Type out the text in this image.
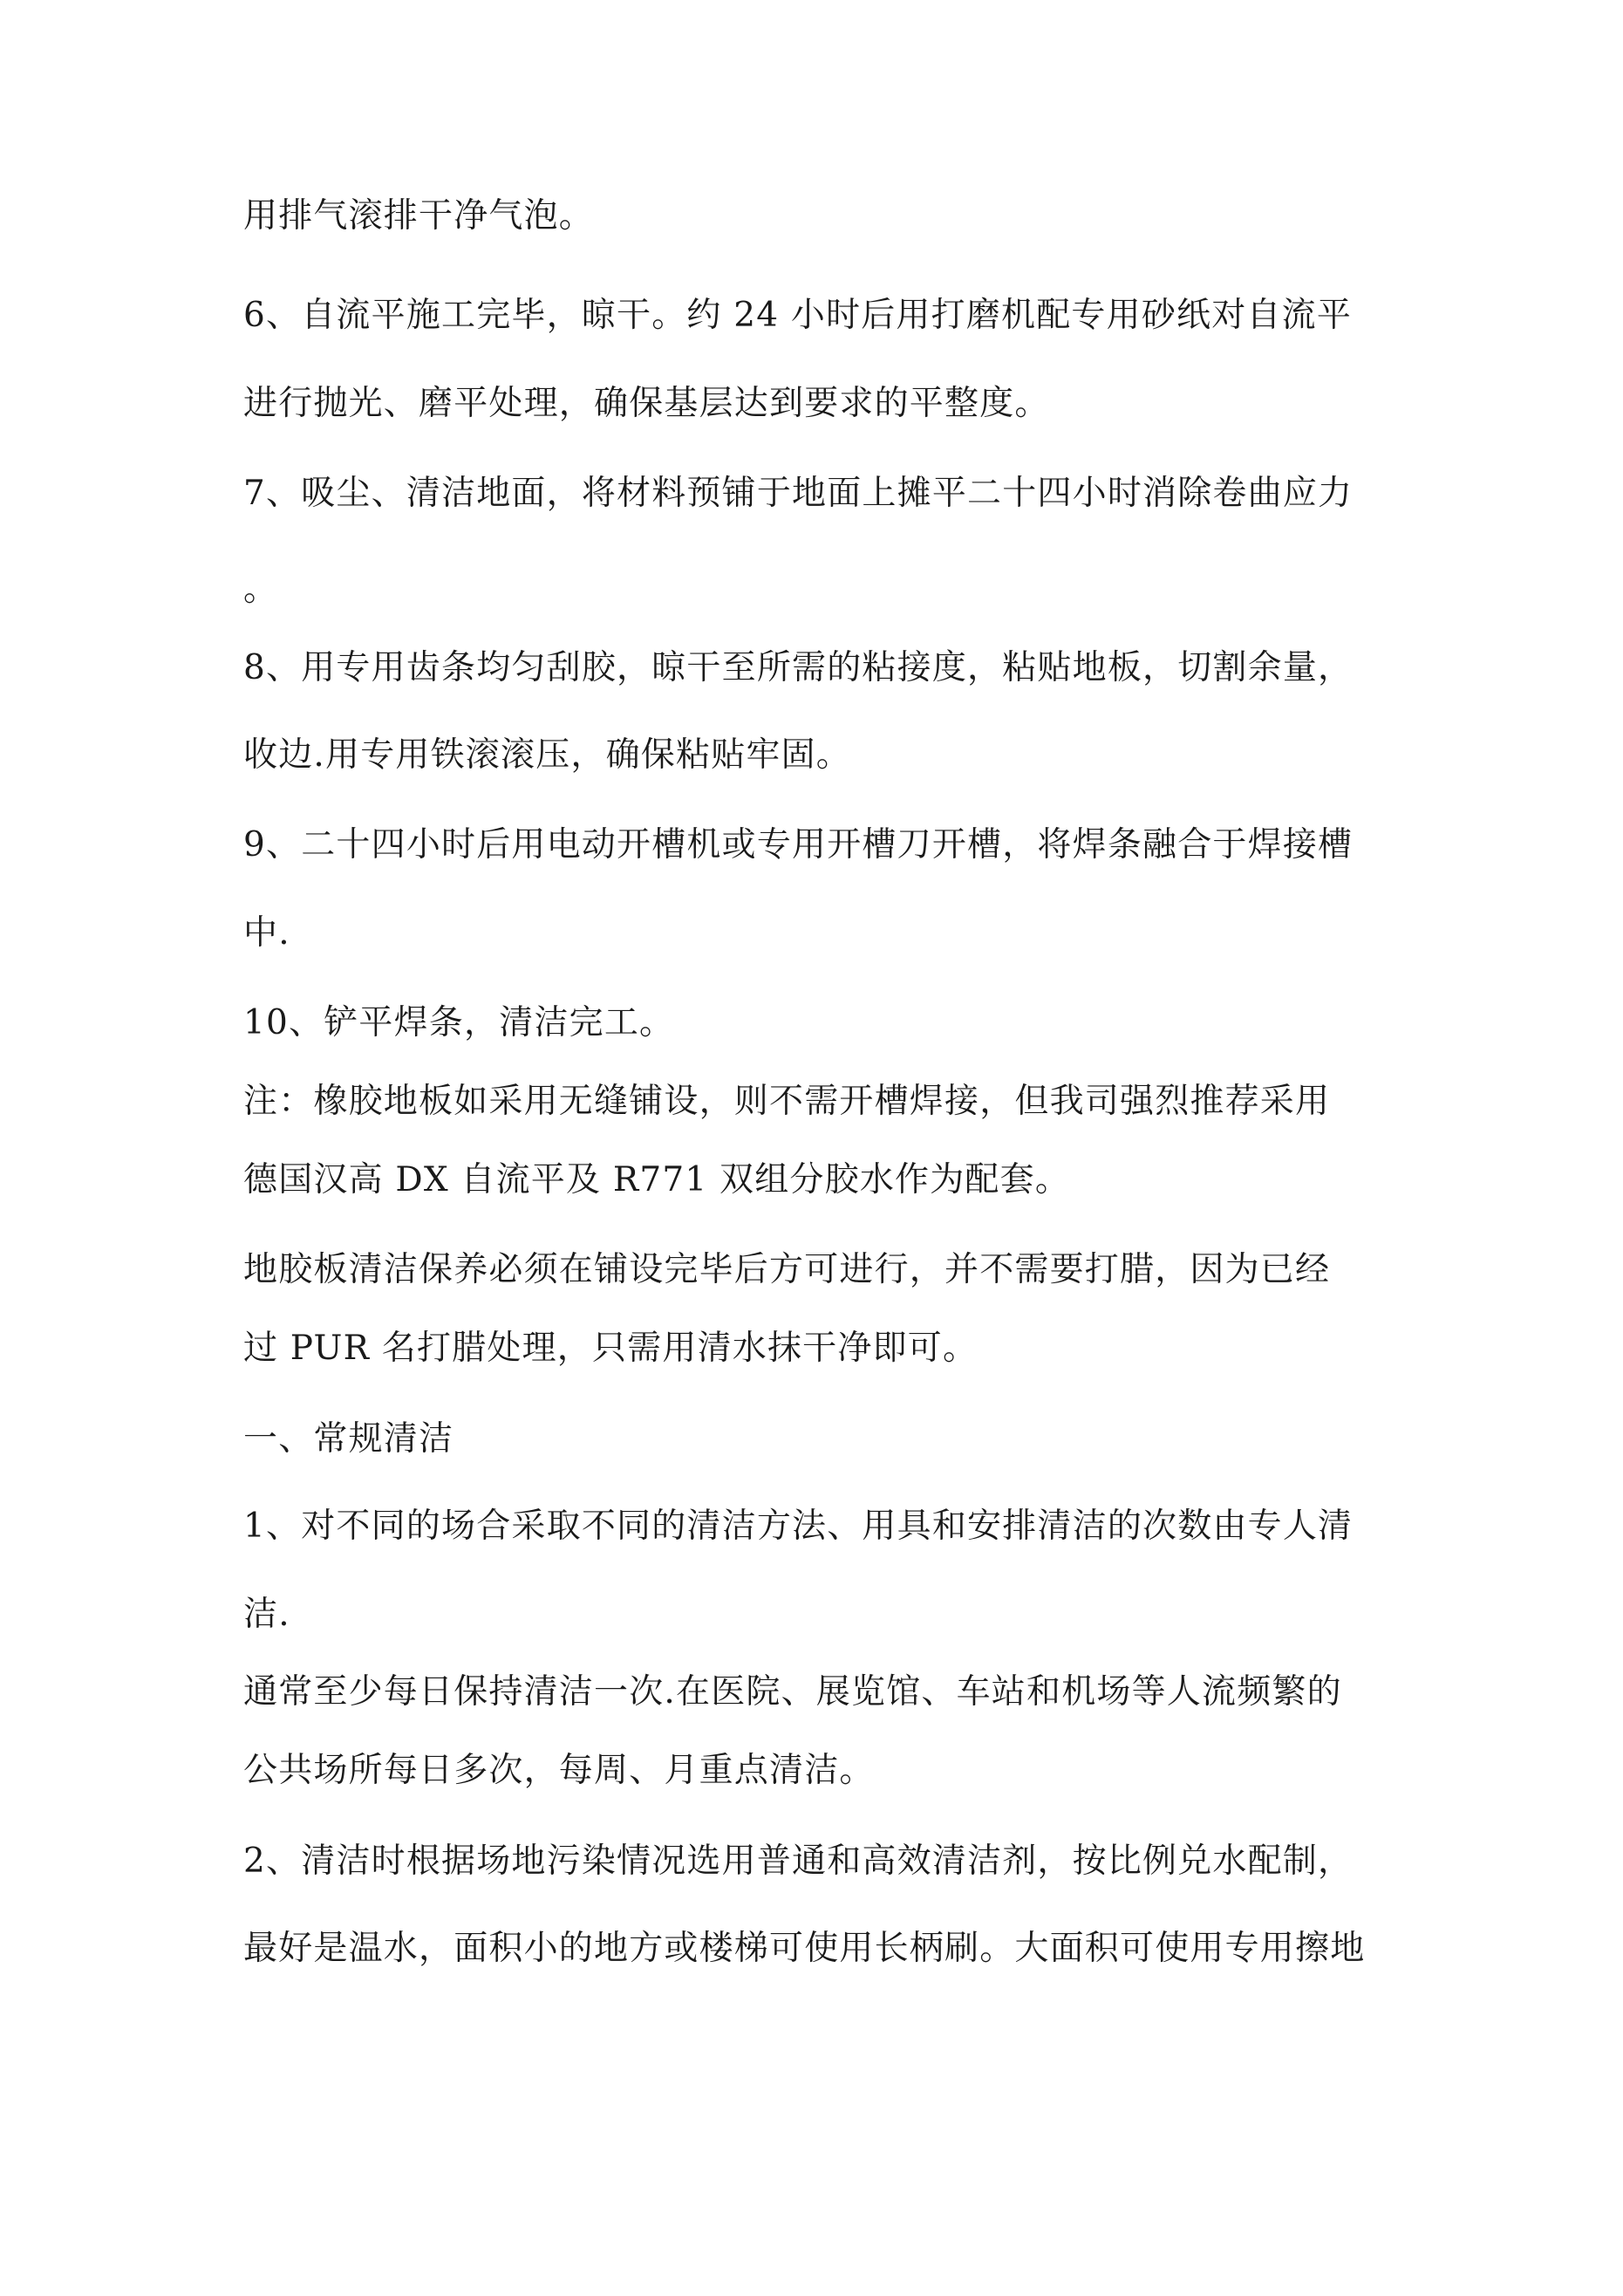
用排气滚排干净气泡。
6、自流平施工完毕，晾干。约 24 小时后用打磨机配专用砂纸对自流平
进行抛光、磨平处理，确保基层达到要求的平整度。
7、吸尘、清洁地面，将材料预铺于地面上摊平二十四小时消除卷曲应力
。
8、用专用齿条均匀刮胶，晾干至所需的粘接度，粘贴地板，切割余量，
收边.用专用铁滚滚压，确保粘贴牢固。
9、二十四小时后用电动开槽机或专用开槽刀开槽，将焊条融合于焊接槽
中.
10、铲平焊条，清洁完工。
注：橡胶地板如采用无缝铺设，则不需开槽焊接，但我司强烈推荐采用
德国汉高 DX 自流平及 R771 双组分胶水作为配套。
地胶板清洁保养必须在铺设完毕后方可进行，并不需要打腊，因为已经
过 PUR 名打腊处理，只需用清水抹干净即可。
一、常规清洁
1、对不同的场合采取不同的清洁方法、用具和安排清洁的次数由专人清
洁.
通常至少每日保持清洁一次.在医院、展览馆、车站和机场等人流频繁的
公共场所每日多次，每周、月重点清洁。
2、清洁时根据场地污染情况选用普通和高效清洁剂，按比例兑水配制，
最好是温水，面积小的地方或楼梯可使用长柄刷。大面积可使用专用擦地
